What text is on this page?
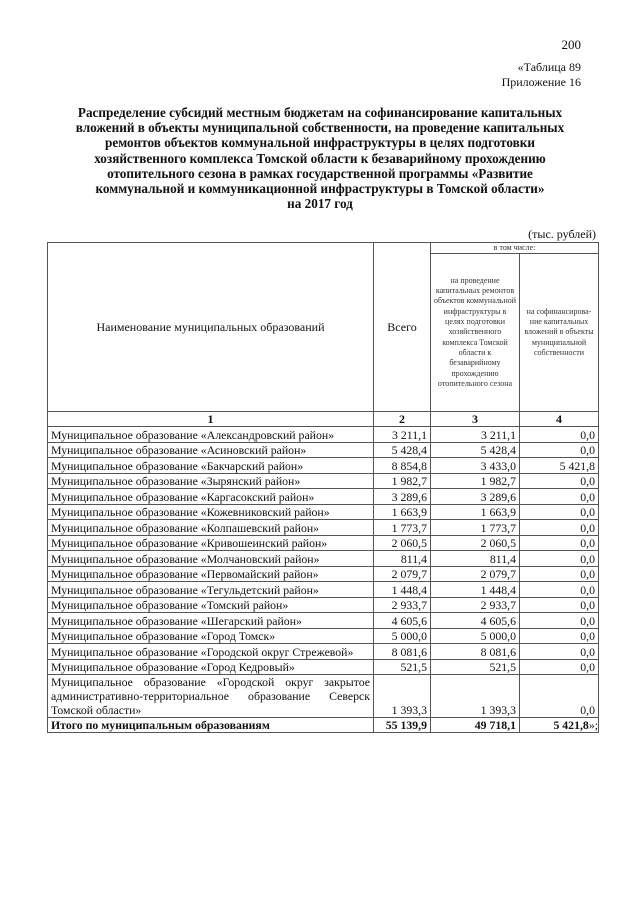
200
«Таблица 89
Приложение 16
Распределение субсидий местным бюджетам на софинансирование капитальных вложений в объекты муниципальной собственности, на проведение капитальных ремонтов объектов коммунальной инфраструктуры в целях подготовки хозяйственного комплекса Томской области к безаварийному прохождению отопительного сезона в рамках государственной программы «Развитие коммунальной и коммуникационной инфраструктуры в Томской области»
на 2017 год
(тыс. рублей)
Наименование муниципальных образований	Всего	в том числе:	
		на проведение капитальных ремонтов объектов коммунальной инфраструктуры в целях подготовки хозяйственного комплекса Томской области к безаварийному прохождению отопительного сезона	на софинансирова-ние капитальных вложений в объекты муниципальной собственности
1	2	3	4
Муниципальное образование «Александровский район»	3 211,1	3 211,1	0,0
Муниципальное образование «Асиновский район»	5 428,4	5 428,4	0,0
Муниципальное образование «Бакчарский район»	8 854,8	3 433,0	5 421,8
Муниципальное образование «Зырянский район»	1 982,7	1 982,7	0,0
Муниципальное образование «Каргасокский район»	3 289,6	3 289,6	0,0
Муниципальное образование «Кожевниковский район»	1 663,9	1 663,9	0,0
Муниципальное образование «Колпашевский район»	1 773,7	1 773,7	0,0
Муниципальное образование «Кривошеинский район»	2 060,5	2 060,5	0,0
Муниципальное образование «Молчановский район»	811,4	811,4	0,0
Муниципальное образование «Первомайский район»	2 079,7	2 079,7	0,0
Муниципальное образование «Тегульдетский район»	1 448,4	1 448,4	0,0
Муниципальное образование «Томский район»	2 933,7	2 933,7	0,0
Муниципальное образование «Шегарский район»	4 605,6	4 605,6	0,0
Муниципальное образование «Город Томск»	5 000,0	5 000,0	0,0
Муниципальное образование «Городской округ Стрежевой»	8 081,6	8 081,6	0,0
Муниципальное образование «Город Кедровый»	521,5	521,5	0,0
Муниципальное образование «Городской округ закрытое административно-территориальное образование Северск Томской области»	1 393,3	1 393,3	0,0
Итого по муниципальным образованиям	55 139,9	49 718,1	5 421,8»;
